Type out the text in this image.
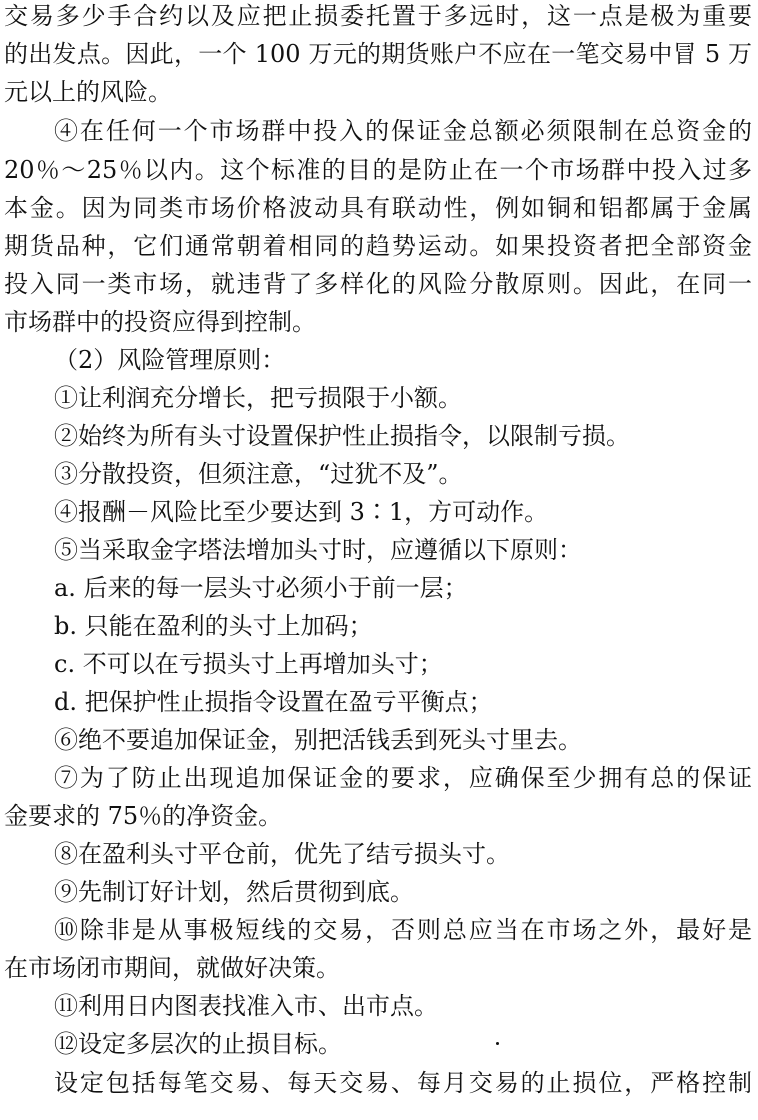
交易多少手合约以及应把止损委托置于多远时，这一点是极为重要
的出发点。因此，一个 100 万元的期货账户不应在一笔交易中冒 5 万
元以上的风险。
④在任何一个市场群中投入的保证金总额必须限制在总资金的
20％～25％以内。这个标准的目的是防止在一个市场群中投入过多
本金。因为同类市场价格波动具有联动性，例如铜和铝都属于金属
期货品种，它们通常朝着相同的趋势运动。如果投资者把全部资金
投入同一类市场，就违背了多样化的风险分散原则。因此，在同一
市场群中的投资应得到控制。
（2）风险管理原则：
①让利润充分增长，把亏损限于小额。
②始终为所有头寸设置保护性止损指令，以限制亏损。
③分散投资，但须注意，“过犹不及”。
④报酬－风险比至少要达到 3∶1，方可动作。
⑤当采取金字塔法增加头寸时，应遵循以下原则：
a. 后来的每一层头寸必须小于前一层；
b. 只能在盈利的头寸上加码；
c. 不可以在亏损头寸上再增加头寸；
d. 把保护性止损指令设置在盈亏平衡点；
⑥绝不要追加保证金，别把活钱丢到死头寸里去。
⑦为了防止出现追加保证金的要求，应确保至少拥有总的保证
金要求的 75％的净资金。
⑧在盈利头寸平仓前，优先了结亏损头寸。
⑨先制订好计划，然后贯彻到底。
⑩除非是从事极短线的交易，否则总应当在市场之外，最好是
在市场闭市期间，就做好决策。
⑪利用日内图表找准入市、出市点。
⑫设定多层次的止损目标。
设定包括每笔交易、每天交易、每月交易的止损位，严格控制
